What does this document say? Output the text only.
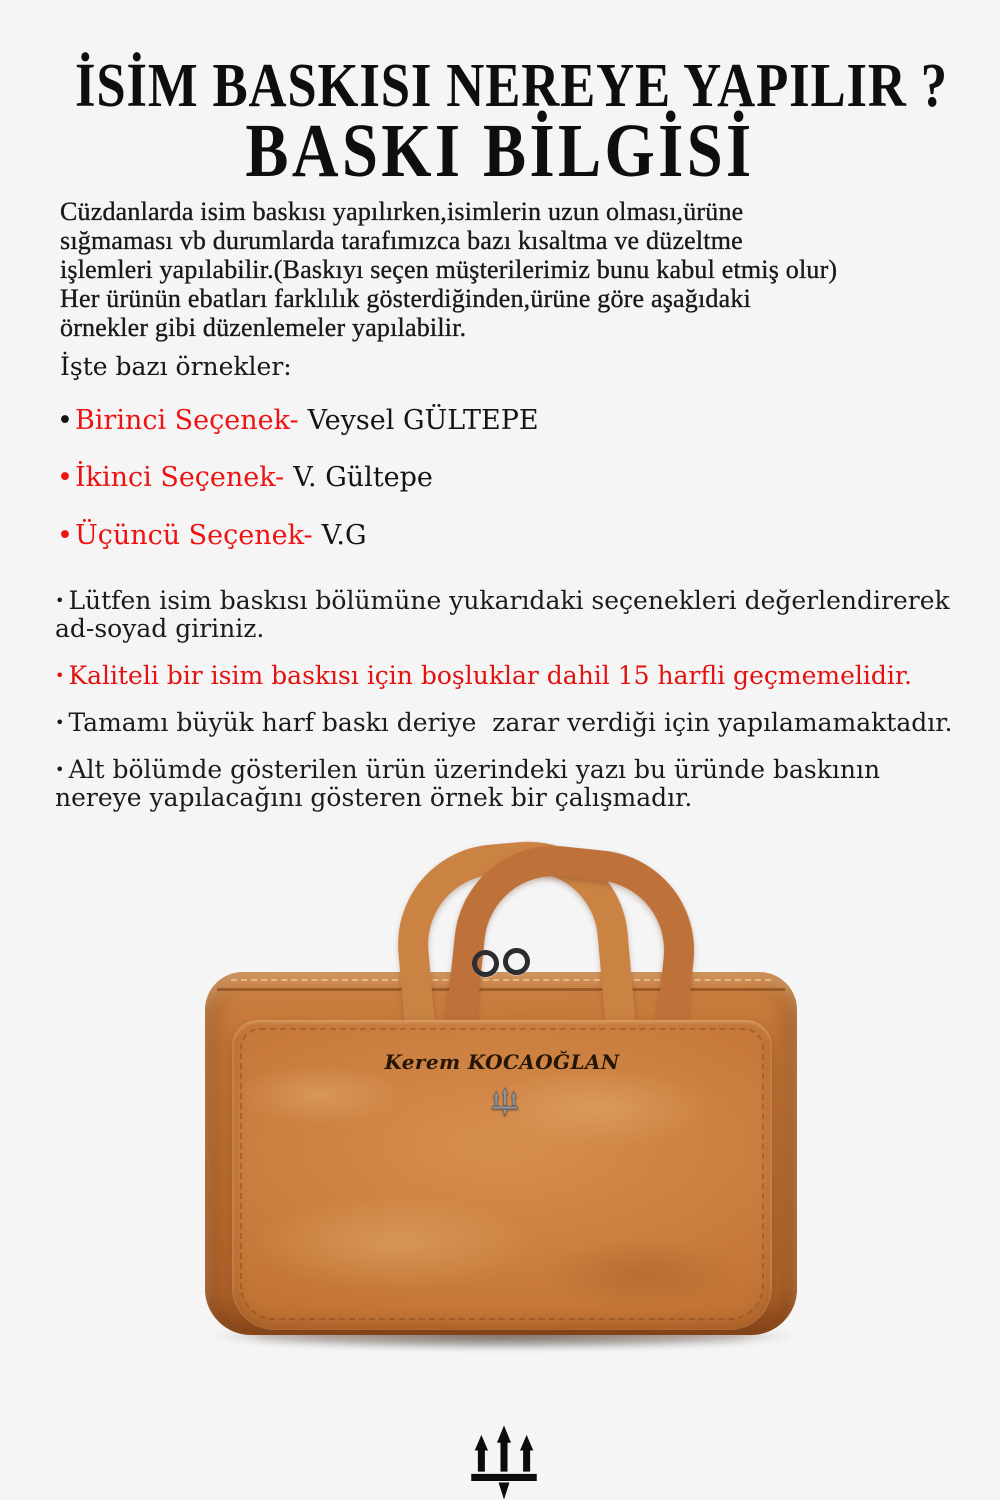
İSİM BASKISI NEREYE YAPILIR ?
BASKI BİLGİSİ
Cüzdanlarda isim baskısı yapılırken,isimlerin uzun olması,ürüne
sığmaması vb durumlarda tarafımızca bazı kısaltma ve düzeltme
işlemleri yapılabilir.(Baskıyı seçen müşterilerimiz bunu kabul etmiş olur)
Her ürünün ebatları farklılık gösterdiğinden,ürüne göre aşağıdaki
örnekler gibi düzenlemeler yapılabilir.
İşte bazı örnekler:
•Birinci Seçenek- Veysel GÜLTEPE
•İkinci Seçenek- V. Gültepe
•Üçüncü Seçenek- V.G
• Lütfen isim baskısı bölümüne yukarıdaki seçenekleri değerlendirerek
ad-soyad giriniz.
• Kaliteli bir isim baskısı için boşluklar dahil 15 harfli geçmemelidir.
• Tamamı büyük harf baskı deriye  zarar verdiği için yapılamamaktadır.
• Alt bölümde gösterilen ürün üzerindeki yazı bu üründe baskının
nereye yapılacağını gösteren örnek bir çalışmadır.
Kerem KOCAOĞLAN
